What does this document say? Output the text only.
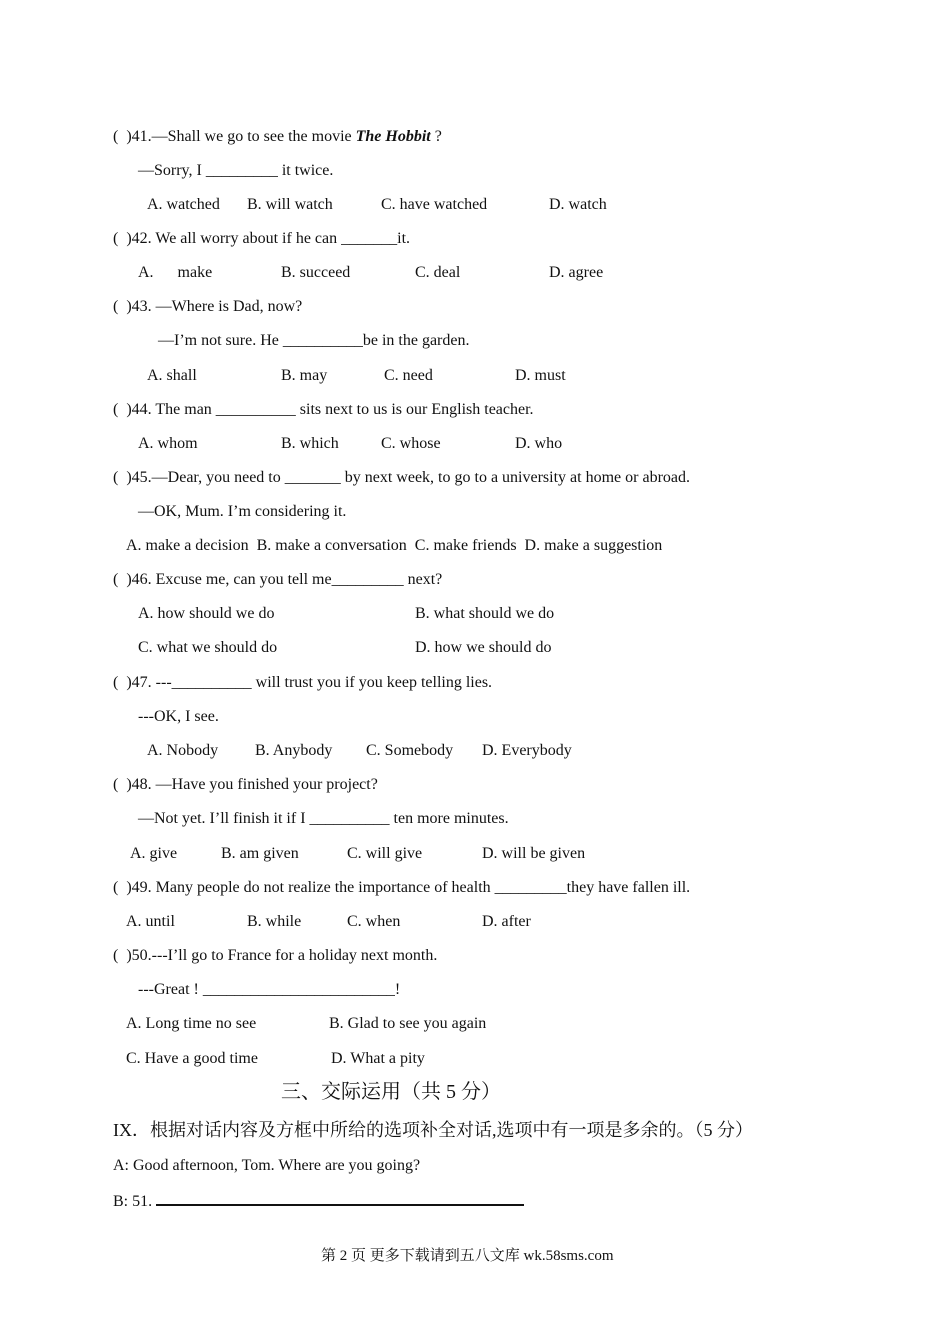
(  )41.—Shall we go to see the movie The Hobbit ?
—Sorry, I _________ it twice.
A. watched B. will watch	C. have watched	D. watch
(  )42. We all worry about if he can _______it.
A.      make	B. succeed	C. deal	D. agree
(  )43. —Where is Dad, now?
—I’m not sure. He __________be in the garden.
A. shall	B. may	C. need	D. must
(  )44. The man __________ sits next to us is our English teacher.
A. whom	B. which	C. whose	D. who
(  )45.—Dear, you need to _______ by next week, to go to a university at home or abroad.
—OK, Mum. I’m considering it.
A. make a decision  B. make a conversation  C. make friends  D. make a suggestion
(  )46. Excuse me, can you tell me_________ next?
A. how should we do	B. what should we do
C. what we should do	D. how we should do
(  )47. ---__________ will trust you if you keep telling lies.
---OK, I see.
A. Nobody B. Anybody C. Somebody D. Everybody
(  )48. —Have you finished your project?
—Not yet. I’ll finish it if I __________ ten more minutes.
A. give	B. am given	C. will give	D. will be given
(  )49. Many people do not realize the importance of health _________they have fallen ill.
A. until	B. while	C. when	D. after
(  )50.---I’ll go to France for a holiday next month.
---Great ! ________________________!
A. Long time no see	B. Glad to see you again
C. Have a good time	D. What a pity
三、交际运用（共 5 分）
IX．根据对话内容及方框中所给的选项补全对话,选项中有一项是多余的。（5 分）
A: Good afternoon, Tom. Where are you going?
B: 51.
第 2 页 更多下载请到五八文库 wk.58sms.com
